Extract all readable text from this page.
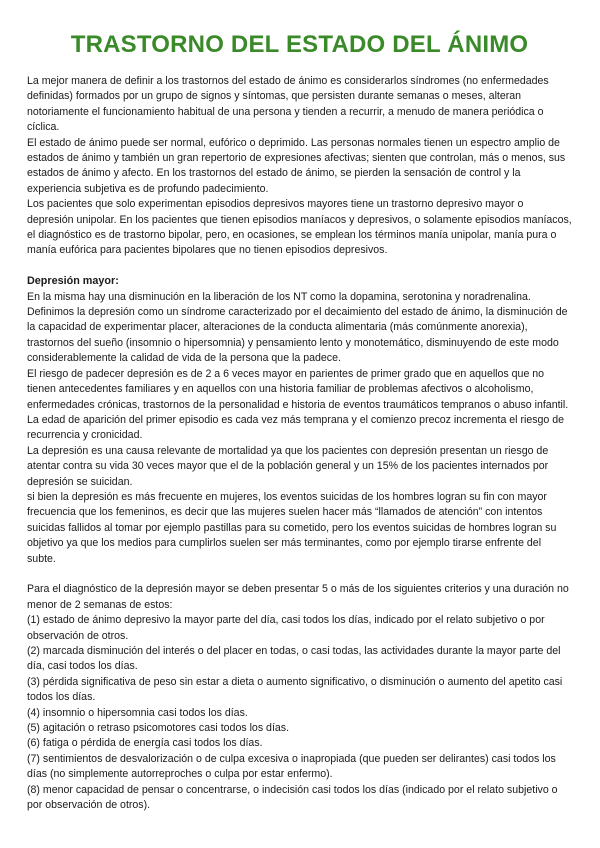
TRASTORNO DEL ESTADO DEL ÁNIMO

La mejor manera de definir a los trastornos del estado de ánimo es considerarlos síndromes (no enfermedades definidas) formados por un grupo de signos y síntomas, que persisten durante semanas o meses, alteran notoriamente el funcionamiento habitual de una persona y tienden a recurrir, a menudo de manera periódica o cíclica.

El estado de ánimo puede ser normal, eufórico o deprimido. Las personas normales tienen un espectro amplio de estados de ánimo y también un gran repertorio de expresiones afectivas; sienten que controlan, más o menos, sus estados de ánimo y afecto. En los trastornos del estado de ánimo, se pierden la sensación de control y la experiencia subjetiva es de profundo padecimiento.

Los pacientes que solo experimentan episodios depresivos mayores tiene un trastorno depresivo mayor o depresión unipolar. En los pacientes que tienen episodios maníacos y depresivos, o solamente episodios maníacos, el diagnóstico es de trastorno bipolar, pero, en ocasiones, se emplean los términos manía unipolar, manía pura o manía eufórica para pacientes bipolares que no tienen episodios depresivos.

Depresión mayor:

En la misma hay una disminución en la liberación de los NT como la dopamina, serotonina y noradrenalina.

Definimos la depresión como un síndrome caracterizado por el decaimiento del estado de ánimo, la disminución de la capacidad de experimentar placer, alteraciones de la conducta alimentaria (más comúnmente anorexia), trastornos del sueño (insomnio o hipersomnia) y pensamiento lento y monotemático, disminuyendo de este modo considerablemente la calidad de vida de la persona que la padece.

El riesgo de padecer depresión es de 2 a 6 veces mayor en parientes de primer grado que en aquellos que no tienen antecedentes familiares y en aquellos con una historia familiar de problemas afectivos o alcoholismo, enfermedades crónicas, trastornos de la personalidad e historia de eventos traumáticos tempranos o abuso infantil. La edad de aparición del primer episodio es cada vez más temprana y el comienzo precoz incrementa el riesgo de recurrencia y cronicidad.

La depresión es una causa relevante de mortalidad ya que los pacientes con depresión presentan un riesgo de atentar contra su vida 30 veces mayor que el de la población general y un 15% de los pacientes internados por depresión se suicidan.

si bien la depresión es más frecuente en mujeres, los eventos suicidas de los hombres logran su fin con mayor frecuencia que los femeninos, es decir que las mujeres suelen hacer más “llamados de atención” con intentos suicidas fallidos al tomar por ejemplo pastillas para su cometido, pero los eventos suicidas de hombres logran su objetivo ya que los medios para cumplirlos suelen ser más terminantes, como por ejemplo tirarse enfrente del subte.

Para el diagnóstico de la depresión mayor se deben presentar 5 o más de los siguientes criterios y una duración no menor de 2 semanas de estos:

(1) estado de ánimo depresivo la mayor parte del día, casi todos los días, indicado por el relato subjetivo o por observación de otros.
(2) marcada disminución del interés o del placer en todas, o casi todas, las actividades durante la mayor parte del día, casi todos los días.
(3) pérdida significativa de peso sin estar a dieta o aumento significativo, o disminución o aumento del apetito casi todos los días.
(4) insomnio o hipersomnia casi todos los días.
(5) agitación o retraso psicomotores casi todos los días.
(6) fatiga o pérdida de energía casi todos los días.
(7) sentimientos de desvalorización o de culpa excesiva o inapropiada (que pueden ser delirantes) casi todos los días (no simplemente autorreproches o culpa por estar enfermo).
(8) menor capacidad de pensar o concentrarse, o indecisión casi todos los días (indicado por el relato subjetivo o por observación de otros).
